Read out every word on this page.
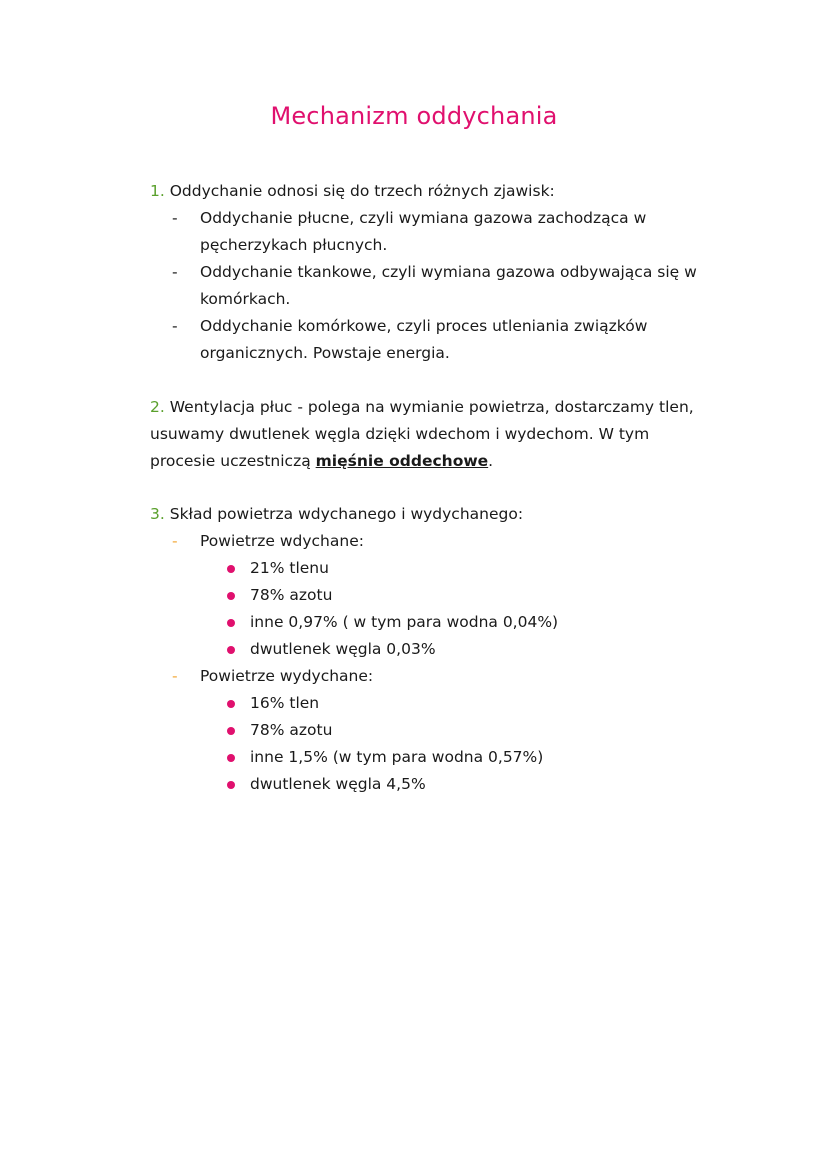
Mechanizm oddychania
1. Oddychanie odnosi się do trzech różnych zjawisk:
- Oddychanie płucne, czyli wymiana gazowa zachodząca w pęcherzykach płucnych.
- Oddychanie tkankowe, czyli wymiana gazowa odbywająca się w komórkach.
- Oddychanie komórkowe, czyli proces utleniania związków organicznych. Powstaje energia.
2. Wentylacja płuc - polega na wymianie powietrza, dostarczamy tlen, usuwamy dwutlenek węgla dzięki wdechom i wydechom. W tym procesie uczestniczą mięśnie oddechowe.
3. Skład powietrza wdychanego i wydychanego:
- Powietrze wdychane:
21% tlenu
78% azotu
inne 0,97% ( w tym para wodna 0,04%)
dwutlenek węgla 0,03%
- Powietrze wydychane:
16% tlen
78% azotu
inne 1,5% (w tym para wodna 0,57%)
dwutlenek węgla 4,5%
